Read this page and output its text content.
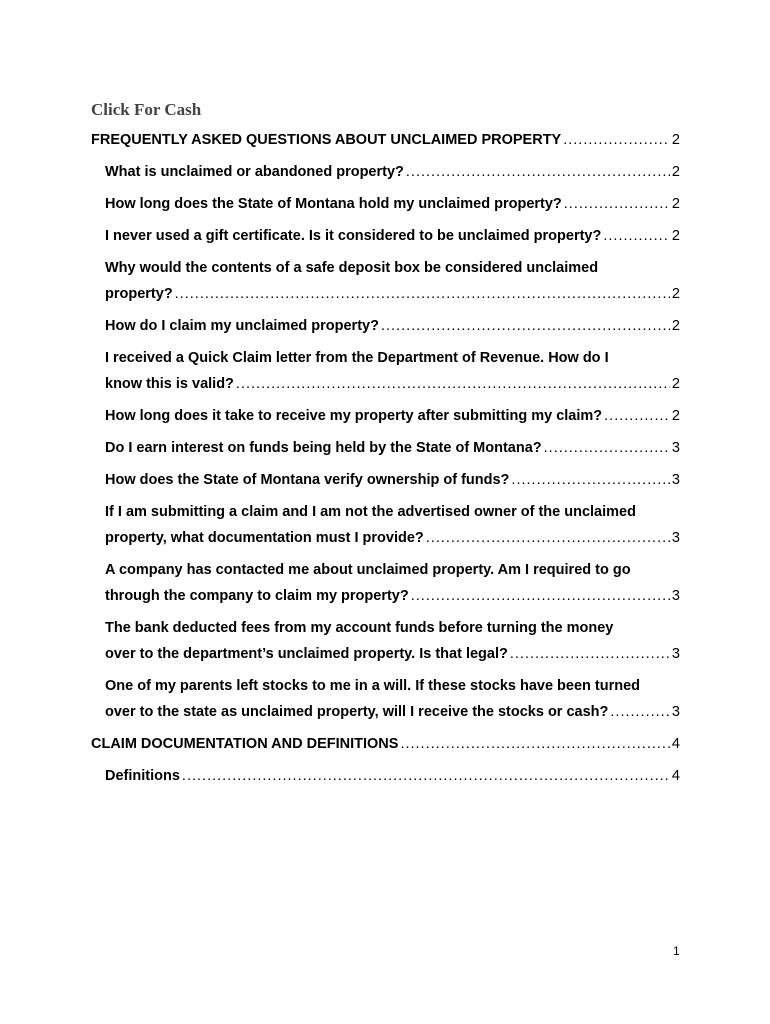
Click For Cash
FREQUENTLY ASKED QUESTIONS ABOUT UNCLAIMED PROPERTY .....	2
What is unclaimed or abandoned property? .....	2
How long does the State of Montana hold my unclaimed property? .....	2
I never used a gift certificate. Is it considered to be unclaimed property? .....	2
Why would the contents of a safe deposit box be considered unclaimed
property? .....	2
How do I claim my unclaimed property? .....	2
I received a Quick Claim letter from the Department of Revenue. How do I
know this is valid? .....	2
How long does it take to receive my property after submitting my claim? .....	2
Do I earn interest on funds being held by the State of Montana? .....	3
How does the State of Montana verify ownership of funds? .....	3
If I am submitting a claim and I am not the advertised owner of the unclaimed
property, what documentation must I provide? .....	3
A company has contacted me about unclaimed property. Am I required to go
through the company to claim my property? .....	3
The bank deducted fees from my account funds before turning the money
over to the department’s unclaimed property. Is that legal? .....	3
One of my parents left stocks to me in a will. If these stocks have been turned
over to the state as unclaimed property, will I receive the stocks or cash? .....	3
CLAIM DOCUMENTATION AND DEFINITIONS .....	4
Definitions .....	4
1
